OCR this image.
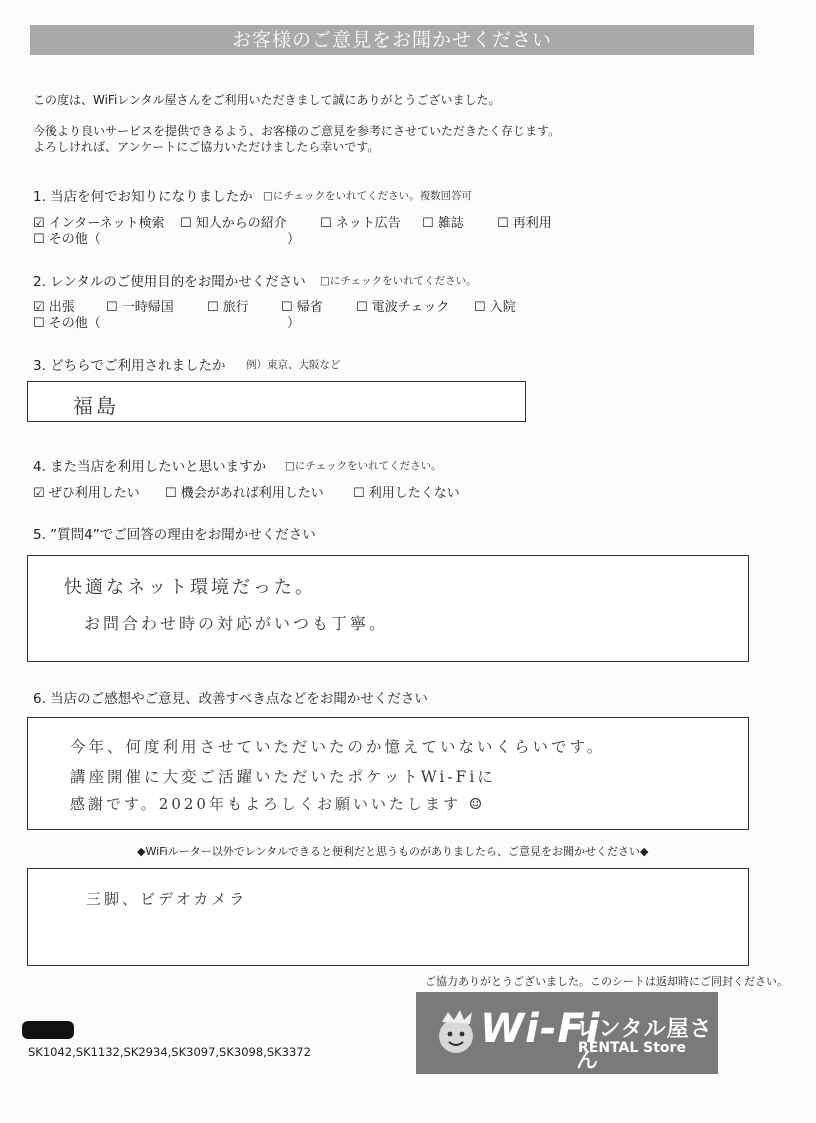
お客様のご意見をお聞かせください
この度は、WiFiレンタル屋さんをご利用いただきまして誠にありがとうございました。
今後より良いサービスを提供できるよう、お客様のご意見を参考にさせていただきたく存じます。
よろしければ、アンケートにご協力いただけましたら幸いです。
1. 当店を何でお知りになりましたか □にチェックをいれてください。複数回答可
☑ インターネット検索 ☐ 知人からの紹介	☐ ネット広告 ☐ 雑誌	☐ 再利用
☐ その他（	）
2. レンタルのご使用目的をお聞かせください □にチェックをいれてください。
☑ 出張 ☐ 一時帰国	☐ 旅行 ☐ 帰省	☐ 電波チェック ☐ 入院
☐ その他（	）
3. どちらでご利用されましたか 例）東京、大阪など
福島
4. また当店を利用したいと思いますか □にチェックをいれてください。
☑ ぜひ利用したい ☐ 機会があれば利用したい ☐ 利用したくない
5. ”質問4”でご回答の理由をお聞かせください
快適なネット環境だった。
お問合わせ時の対応がいつも丁寧。
6. 当店のご感想やご意見、改善すべき点などをお聞かせください
今年、何度利用させていただいたのか憶えていないくらいです。
講座開催に大変ご活躍いただいたポケットWi-Fiに
感謝です。2020年もよろしくお願いいたします ☺
◆WiFiルーター以外でレンタルできると便利だと思うものがありましたら、ご意見をお聞かせください◆
三脚、ビデオカメラ
ご協力ありがとうございました。このシートは返却時にご同封ください。
Wi-Fi
レンタル屋さん
RENTAL Store
SK1042,SK1132,SK2934,SK3097,SK3098,SK3372
